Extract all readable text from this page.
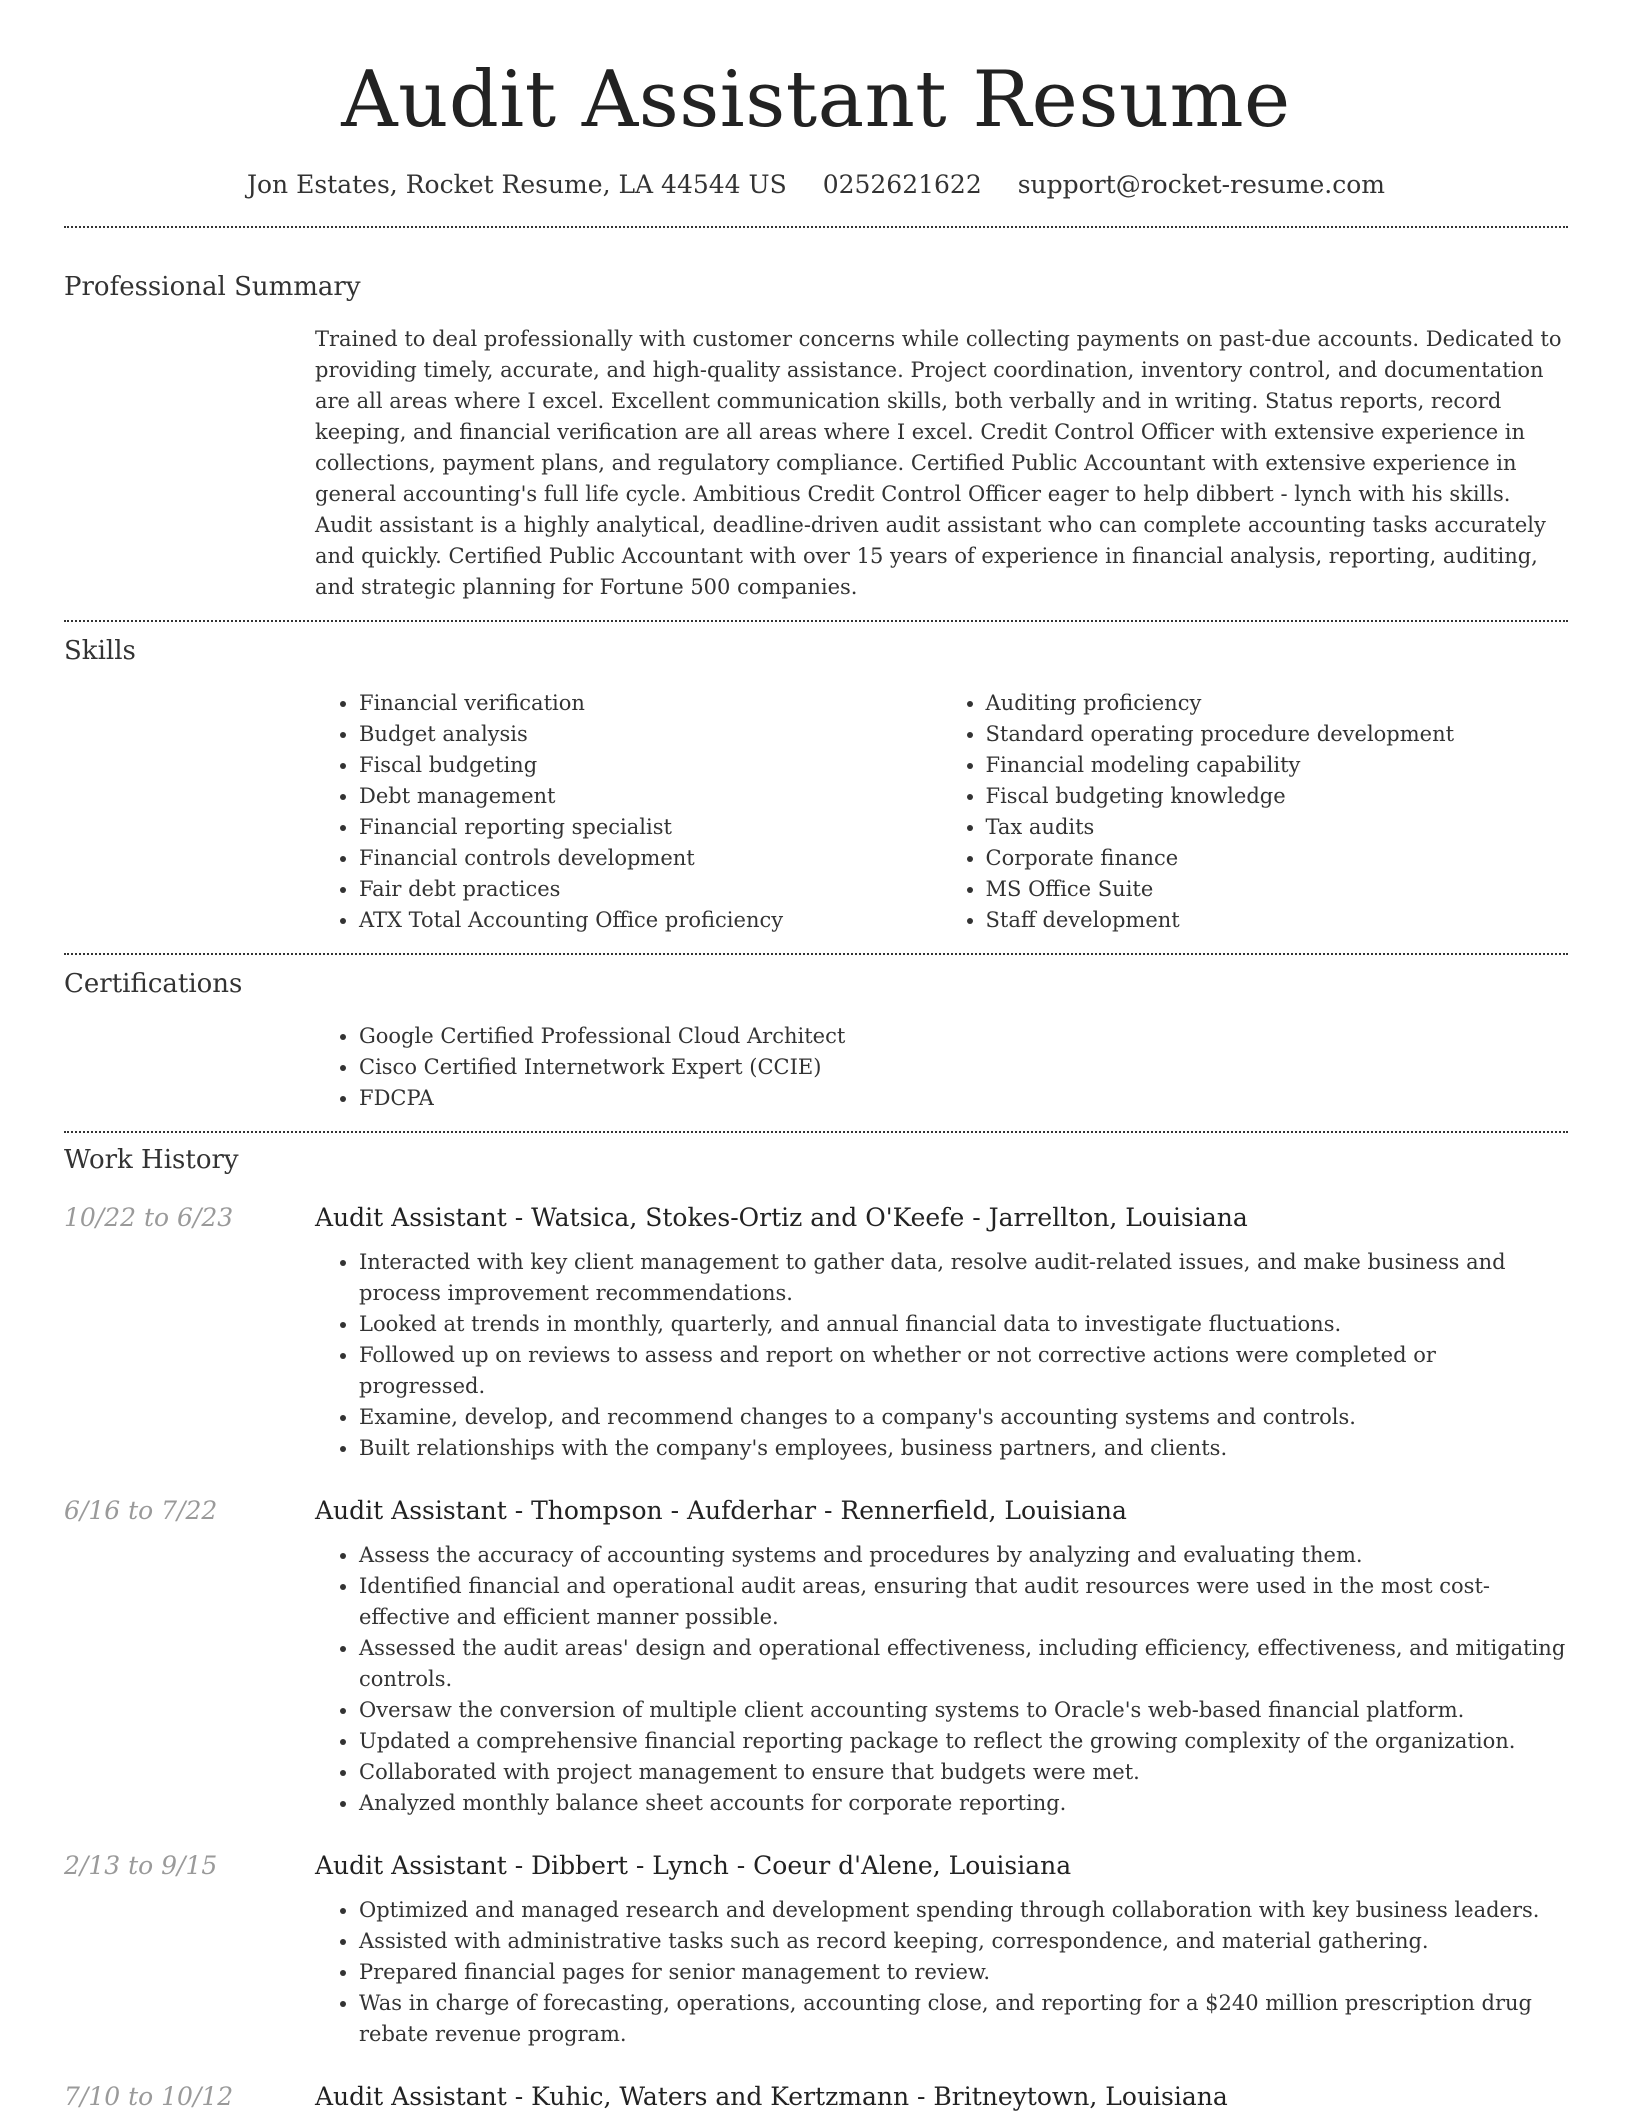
Audit Assistant Resume
Jon Estates, Rocket Resume, LA 44544 US 0252621622 support@rocket-resume.com
Professional Summary

Trained to deal professionally with customer concerns while collecting payments on past-due accounts. Dedicated to providing timely, accurate, and high-quality assistance. Project coordination, inventory control, and documentation are all areas where I excel. Excellent communication skills, both verbally and in writing. Status reports, record keeping, and financial verification are all areas where I excel. Credit Control Officer with extensive experience in collections, payment plans, and regulatory compliance. Certified Public Accountant with extensive experience in general accounting's full life cycle. Ambitious Credit Control Officer eager to help dibbert - lynch with his skills. Audit assistant is a highly analytical, deadline-driven audit assistant who can complete accounting tasks accurately and quickly. Certified Public Accountant with over 15 years of experience in financial analysis, reporting, auditing, and strategic planning for Fortune 500 companies.

Skills
• Financial verification
• Budget analysis
• Fiscal budgeting
• Debt management
• Financial reporting specialist
• Financial controls development
• Fair debt practices
• ATX Total Accounting Office proficiency
• Auditing proficiency
• Standard operating procedure development
• Financial modeling capability
• Fiscal budgeting knowledge
• Tax audits
• Corporate finance
• MS Office Suite
• Staff development
Certifications
• Google Certified Professional Cloud Architect
• Cisco Certified Internetwork Expert (CCIE)
• FDCPA
Work History
10/22 to 6/23	Audit Assistant - Watsica, Stokes-Ortiz and O'Keefe - Jarrellton, Louisiana
• Interacted with key client management to gather data, resolve audit-related issues, and make business and process improvement recommendations.
• Looked at trends in monthly, quarterly, and annual financial data to investigate fluctuations.
• Followed up on reviews to assess and report on whether or not corrective actions were completed or progressed.
• Examine, develop, and recommend changes to a company's accounting systems and controls.
• Built relationships with the company's employees, business partners, and clients.
6/16 to 7/22	Audit Assistant - Thompson - Aufderhar - Rennerfield, Louisiana
• Assess the accuracy of accounting systems and procedures by analyzing and evaluating them.
• Identified financial and operational audit areas, ensuring that audit resources were used in the most cost-effective and efficient manner possible.
• Assessed the audit areas' design and operational effectiveness, including efficiency, effectiveness, and mitigating controls.
• Oversaw the conversion of multiple client accounting systems to Oracle's web-based financial platform.
• Updated a comprehensive financial reporting package to reflect the growing complexity of the organization.
• Collaborated with project management to ensure that budgets were met.
• Analyzed monthly balance sheet accounts for corporate reporting.
2/13 to 9/15	Audit Assistant - Dibbert - Lynch - Coeur d'Alene, Louisiana
• Optimized and managed research and development spending through collaboration with key business leaders.
• Assisted with administrative tasks such as record keeping, correspondence, and material gathering.
• Prepared financial pages for senior management to review.
• Was in charge of forecasting, operations, accounting close, and reporting for a $240 million prescription drug rebate revenue program.
7/10 to 10/12	Audit Assistant - Kuhic, Waters and Kertzmann - Britneytown, Louisiana
